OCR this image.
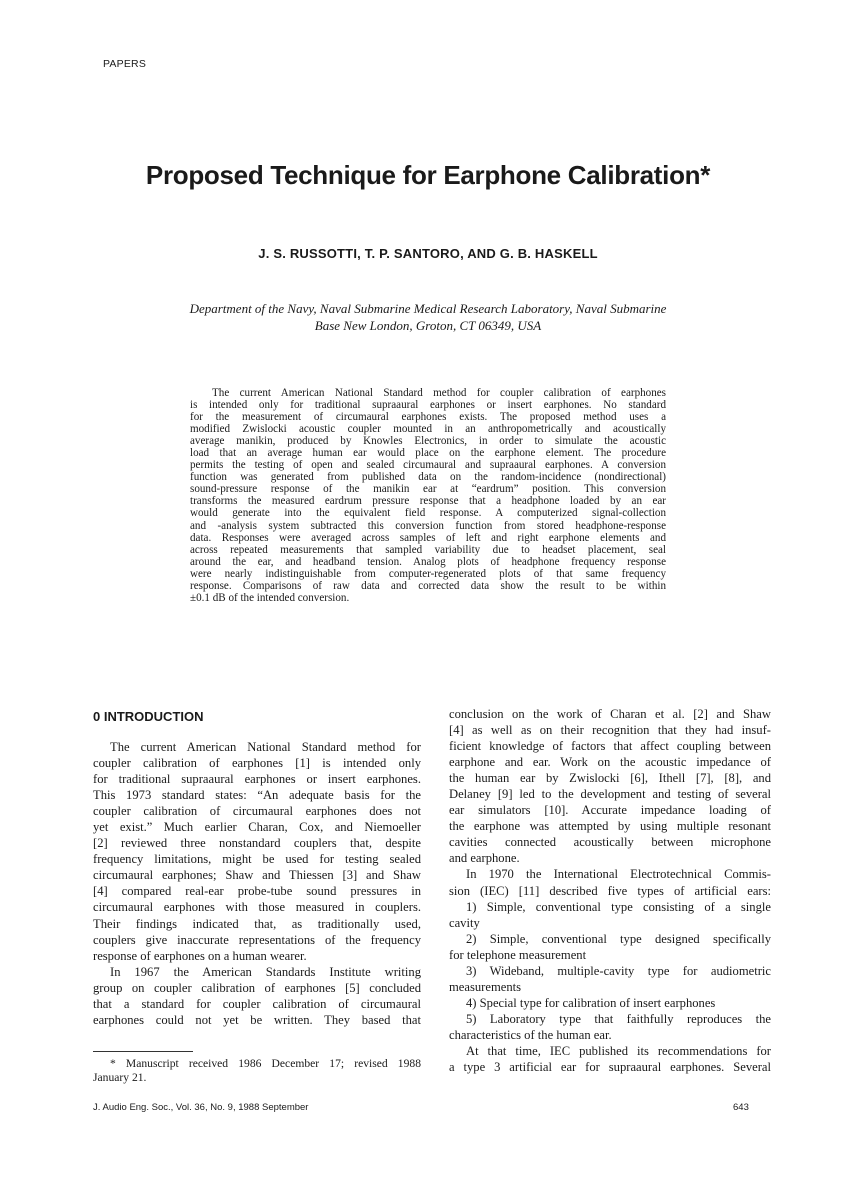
PAPERS
Proposed Technique for Earphone Calibration*
J. S. RUSSOTTI, T. P. SANTORO, AND G. B. HASKELL
Department of the Navy, Naval Submarine Medical Research Laboratory, Naval Submarine
Base New London, Groton, CT 06349, USA
The current American National Standard method for coupler calibration of earphones
is intended only for traditional supraaural earphones or insert earphones. No standard
for the measurement of circumaural earphones exists. The proposed method uses a
modified Zwislocki acoustic coupler mounted in an anthropometrically and acoustically
average manikin, produced by Knowles Electronics, in order to simulate the acoustic
load that an average human ear would place on the earphone element. The procedure
permits the testing of open and sealed circumaural and supraaural earphones. A conversion
function was generated from published data on the random-incidence (nondirectional)
sound-pressure response of the manikin ear at “eardrum” position. This conversion
transforms the measured eardrum pressure response that a headphone loaded by an ear
would generate into the equivalent field response. A computerized signal-collection
and -analysis system subtracted this conversion function from stored headphone-response
data. Responses were averaged across samples of left and right earphone elements and
across repeated measurements that sampled variability due to headset placement, seal
around the ear, and headband tension. Analog plots of headphone frequency response
were nearly indistinguishable from computer-regenerated plots of that same frequency
response. Comparisons of raw data and corrected data show the result to be within
±0.1 dB of the intended conversion.
0 INTRODUCTION
The current American National Standard method for
coupler calibration of earphones [1] is intended only
for traditional supraaural earphones or insert earphones.
This 1973 standard states: “An adequate basis for the
coupler calibration of circumaural earphones does not
yet exist.” Much earlier Charan, Cox, and Niemoeller
[2] reviewed three nonstandard couplers that, despite
frequency limitations, might be used for testing sealed
circumaural earphones; Shaw and Thiessen [3] and Shaw
[4] compared real-ear probe-tube sound pressures in
circumaural earphones with those measured in couplers.
Their findings indicated that, as traditionally used,
couplers give inaccurate representations of the frequency
response of earphones on a human wearer.
In 1967 the American Standards Institute writing
group on coupler calibration of earphones [5] concluded
that a standard for coupler calibration of circumaural
earphones could not yet be written. They based that
conclusion on the work of Charan et al. [2] and Shaw
[4] as well as on their recognition that they had insuf-
ficient knowledge of factors that affect coupling between
earphone and ear. Work on the acoustic impedance of
the human ear by Zwislocki [6], Ithell [7], [8], and
Delaney [9] led to the development and testing of several
ear simulators [10]. Accurate impedance loading of
the earphone was attempted by using multiple resonant
cavities connected acoustically between microphone
and earphone.
In 1970 the International Electrotechnical Commis-
sion (IEC) [11] described five types of artificial ears:
1) Simple, conventional type consisting of a single
cavity
2) Simple, conventional type designed specifically
for telephone measurement
3) Wideband, multiple-cavity type for audiometric
measurements
4) Special type for calibration of insert earphones
5) Laboratory type that faithfully reproduces the
characteristics of the human ear.
At that time, IEC published its recommendations for
a type 3 artificial ear for supraaural earphones. Several
* Manuscript received 1986 December 17; revised 1988
January 21.
J. Audio Eng. Soc., Vol. 36, No. 9, 1988 September	643
